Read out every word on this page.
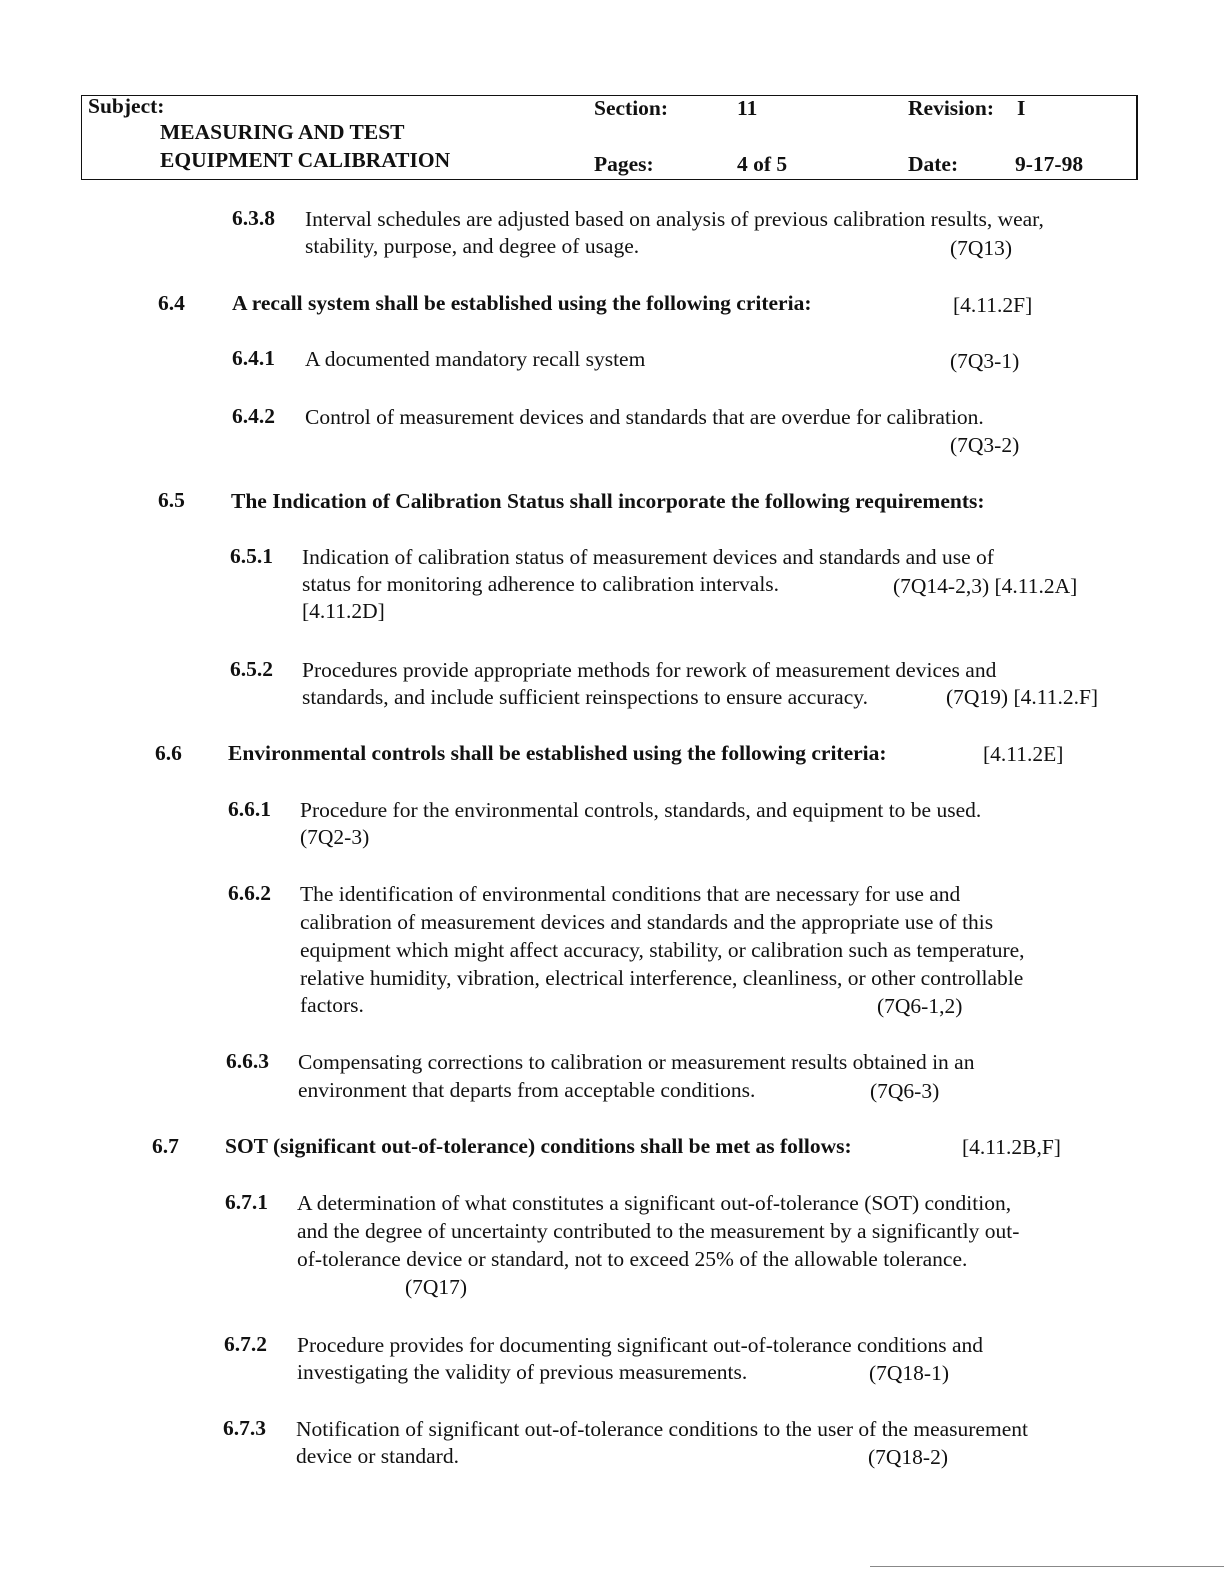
Subject:
MEASURING AND TEST
EQUIPMENT CALIBRATION
Section:	11
Pages:	4 of 5
Revision: I
Date:	9-17-98
6.3.8 Interval schedules are adjusted based on analysis of previous calibration results, wear,
stability, purpose, and degree of usage.	(7Q13)
6.4 A recall system shall be established using the following criteria:	[4.11.2F]
6.4.1 A documented mandatory recall system	(7Q3-1)
6.4.2 Control of measurement devices and standards that are overdue for calibration.
(7Q3-2)
6.5 The Indication of Calibration Status shall incorporate the following requirements:
6.5.1 Indication of calibration status of measurement devices and standards and use of
status for monitoring adherence to calibration intervals.	(7Q14-2,3) [4.11.2A]
[4.11.2D]
6.5.2 Procedures provide appropriate methods for rework of measurement devices and
standards, and include sufficient reinspections to ensure accuracy.	(7Q19) [4.11.2.F]
6.6 Environmental controls shall be established using the following criteria:	[4.11.2E]
6.6.1 Procedure for the environmental controls, standards, and equipment to be used.
(7Q2-3)
6.6.2 The identification of environmental conditions that are necessary for use and
calibration of measurement devices and standards and the appropriate use of this
equipment which might affect accuracy, stability, or calibration such as temperature,
relative humidity, vibration, electrical interference, cleanliness, or other controllable
factors.	(7Q6-1,2)
6.6.3 Compensating corrections to calibration or measurement results obtained in an
environment that departs from acceptable conditions.	(7Q6-3)
6.7 SOT (significant out-of-tolerance) conditions shall be met as follows:	[4.11.2B,F]
6.7.1 A determination of what constitutes a significant out-of-tolerance (SOT) condition,
and the degree of uncertainty contributed to the measurement by a significantly out-
of-tolerance device or standard, not to exceed 25% of the allowable tolerance.
(7Q17)
6.7.2 Procedure provides for documenting significant out-of-tolerance conditions and
investigating the validity of previous measurements.	(7Q18-1)
6.7.3 Notification of significant out-of-tolerance conditions to the user of the measurement
device or standard.	(7Q18-2)
